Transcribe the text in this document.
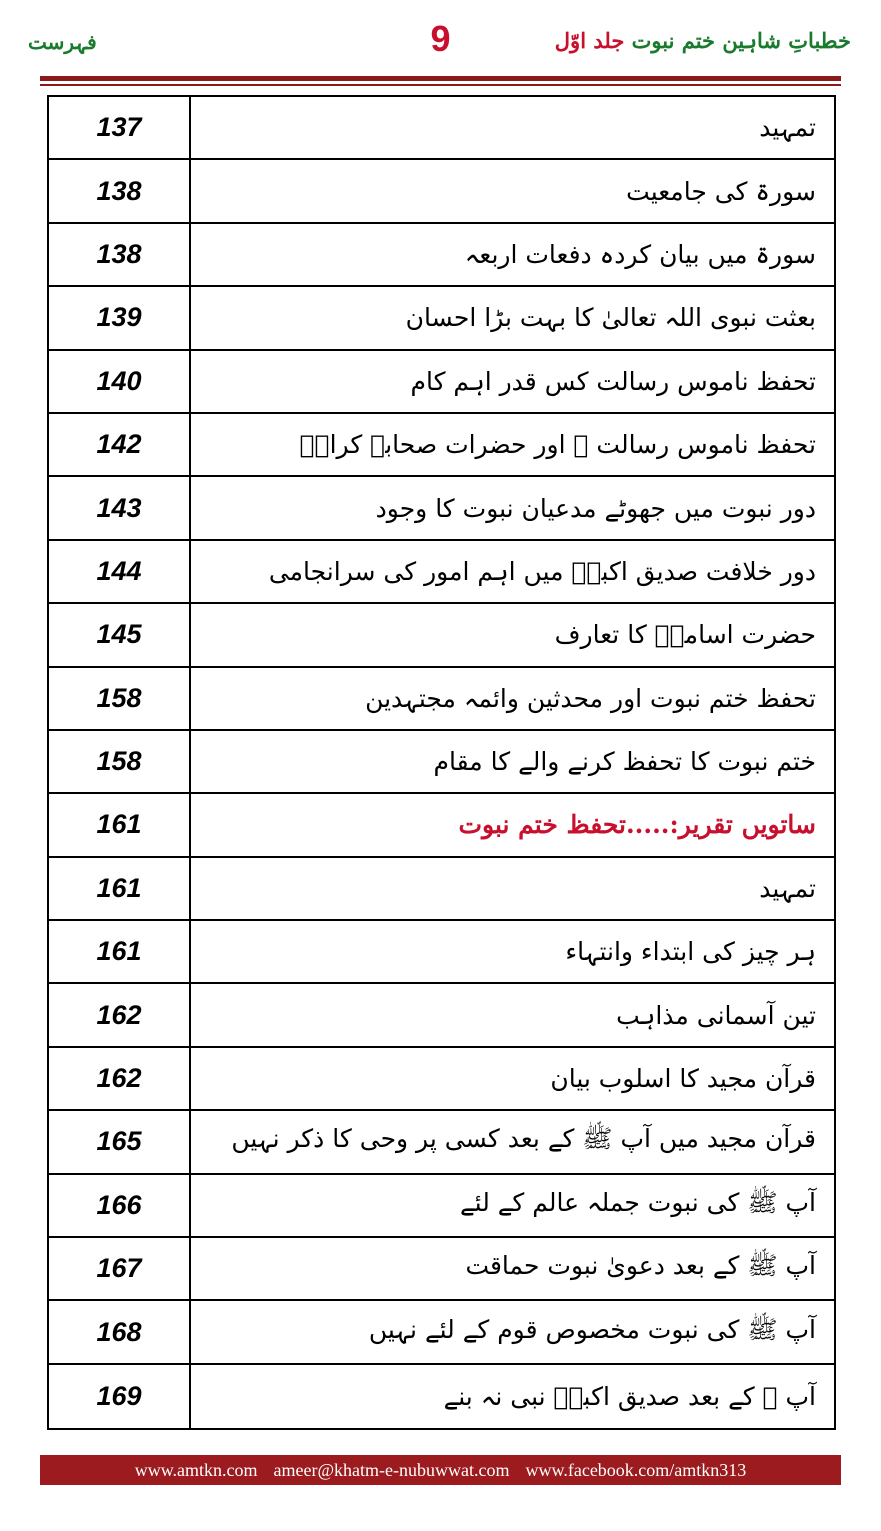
فہرست	9	خطباتِ شاہین ختم نبوت جلد اوّل
137	تمہید
138	سورۃ کی جامعیت
138	سورۃ میں بیان کردہ دفعات اربعہ
139	بعثت نبوی اللہ تعالیٰ کا بہت بڑا احسان
140	تحفظ ناموس رسالت کس قدر اہم کام
142	تحفظ ناموس رسالت ﷺ اور حضرات صحابہ کرامؓ
143	دور نبوت میں جھوٹے مدعیان نبوت کا وجود
144	دور خلافت صدیق اکبرؓ میں اہم امور کی سرانجامی
145	حضرت اسامہؓ کا تعارف
158	تحفظ ختم نبوت اور محدثین وائمہ مجتہدین
158	ختم نبوت کا تحفظ کرنے والے کا مقام
161	ساتویں تقریر:.....تحفظ ختم نبوت
161	تمہید
161	ہر چیز کی ابتداء وانتہاء
162	تین آسمانی مذاہب
162	قرآن مجید کا اسلوب بیان
165	قرآن مجید میں آپ ﷺ کے بعد کسی پر وحی کا ذکر نہیں
166	آپ ﷺ کی نبوت جملہ عالم کے لئے
167	آپ ﷺ کے بعد دعویٰ نبوت حماقت
168	آپ ﷺ کی نبوت مخصوص قوم کے لئے نہیں
169	آپ ﷺ کے بعد صدیق اکبرؓ نبی نہ بنے
www.amtkn.com ameer@khatm-e-nubuwwat.com www.facebook.com/amtkn313
